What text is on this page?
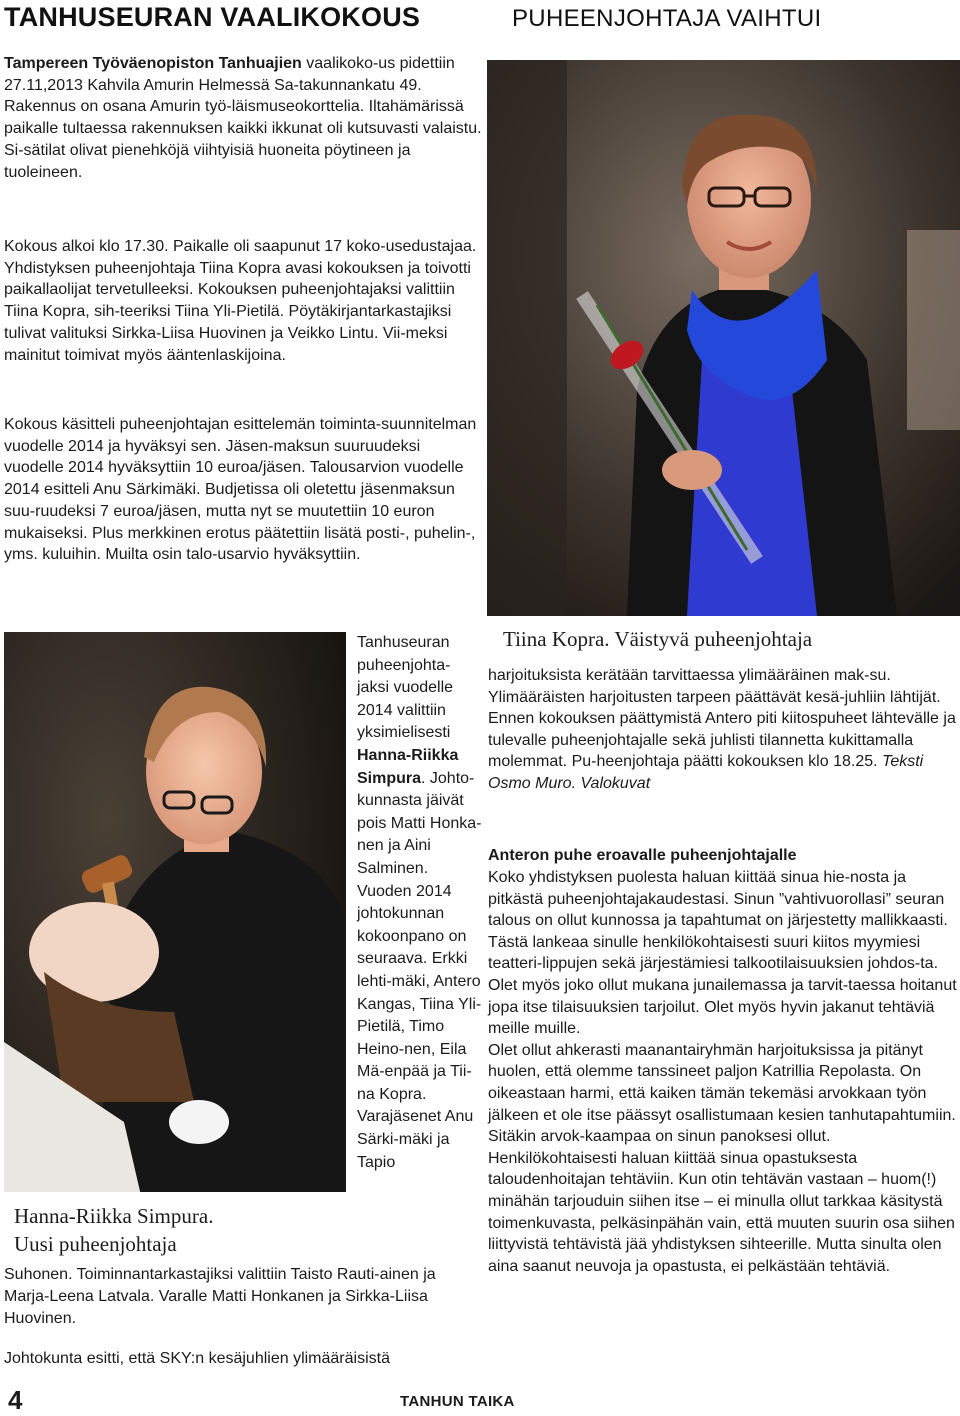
TANHUSEURAN VAALIKOKOUS	PUHEENJOHTAJA VAIHTUI

Tampereen Työväenopiston Tanhuajien vaalikoko-us pidettiin 27.11,2013 Kahvila Amurin Helmessä Sa-takunnankatu 49. Rakennus on osana Amurin työ-läismuseokorttelia. Iltahämärissä paikalle tultaessa rakennuksen kaikki ikkunat oli kutsuvasti valaistu. Si-sätilat olivat pienehköjä viihtyisiä huoneita pöytineen ja tuoleineen.

Kokous alkoi klo 17.30. Paikalle oli saapunut 17 koko-usedustajaa. Yhdistyksen puheenjohtaja Tiina Kopra avasi kokouksen ja toivotti paikallaolijat tervetulleeksi. Kokouksen puheenjohtajaksi valittiin Tiina Kopra, sih-teeriksi Tiina Yli-Pietilä. Pöytäkirjantarkastajiksi tulivat valituksi Sirkka-Liisa Huovinen ja Veikko Lintu. Vii-meksi mainitut toimivat myös ääntenlaskijoina.

Kokous käsitteli puheenjohtajan esittelemän toiminta-suunnitelman vuodelle 2014 ja hyväksyi sen. Jäsen-maksun suuruudeksi vuodelle 2014 hyväksyttiin 10 euroa/jäsen. Talousarvion vuodelle 2014 esitteli Anu Särkimäki. Budjetissa oli oletettu jäsenmaksun suu-ruudeksi 7 euroa/jäsen, mutta nyt se muutettiin 10 euron mukaiseksi. Plus merkkinen erotus päätettiin lisätä posti-, puhelin-, yms. kuluihin. Muilta osin talo-usarvio hyväksyttiin.

Tiina Kopra. Väistyvä puheenjohtaja
Hanna-Riikka Simpura.
Uusi puheenjohtaja
Tanhuseuran puheenjohta-jaksi vuodelle 2014 valittiin yksimielisesti Hanna-Riikka Simpura. Johto-kunnasta jäivät pois Matti Honka-nen ja Aini Salminen. Vuoden 2014 johtokunnan kokoonpano on seuraava. Erkki lehti-mäki, Antero Kangas, Tiina Yli-Pietilä, Timo Heino-nen, Eila Mä-enpää ja Tii-na Kopra. Varajäsenet Anu Särki-mäki ja Tapio
Suhonen. Toiminnantarkastajiksi valittiin Taisto Rauti-ainen ja Marja-Leena Latvala. Varalle Matti Honkanen ja Sirkka-Liisa Huovinen.
Johtokunta esitti, että SKY:n kesäjuhlien ylimääräisistä
harjoituksista kerätään tarvittaessa ylimääräinen mak-su. Ylimääräisten harjoitusten tarpeen päättävät kesä-juhliin lähtijät. Ennen kokouksen päättymistä Antero piti kiitospuheet lähtevälle ja tulevalle puheenjohtajalle sekä juhlisti tilannetta kukittamalla molemmat. Pu-heenjohtaja päätti kokouksen klo 18.25. Teksti Osmo Muro. Valokuvat
Anteron puhe eroavalle puheenjohtajalle
Koko yhdistyksen puolesta haluan kiittää sinua hie-nosta ja pitkästä puheenjohtajakaudestasi. Sinun ”vahtivuorollasi” seuran talous on ollut kunnossa ja tapahtumat on järjestetty mallikkaasti. Tästä lankeaa sinulle henkilökohtaisesti suuri kiitos myymiesi teatteri-lippujen sekä järjestämiesi talkootilaisuuksien johdos-ta. Olet myös joko ollut mukana junailemassa ja tarvit-taessa hoitanut jopa itse tilaisuuksien tarjoilut. Olet myös hyvin jakanut tehtäviä meille muille.
Olet ollut ahkerasti maanantairyhmän harjoituksissa ja pitänyt huolen, että olemme tanssineet paljon Katrillia Repolasta. On oikeastaan harmi, että kaiken tämän tekemäsi arvokkaan työn jälkeen et ole itse päässyt osallistumaan kesien tanhutapahtumiin. Sitäkin arvok-kaampaa on sinun panoksesi ollut.
Henkilökohtaisesti haluan kiittää sinua opastuksesta taloudenhoitajan tehtäviin. Kun otin tehtävän vastaan – huom(!) minähän tarjouduin siihen itse – ei minulla ollut tarkkaa käsitystä toimenkuvasta, pelkäsinpähän vain, että muuten suurin osa siihen liittyvistä tehtävistä jää yhdistyksen sihteerille. Mutta sinulta olen aina saanut neuvoja ja opastusta, ei pelkästään tehtäviä.
4	TANHUN TAIKA
